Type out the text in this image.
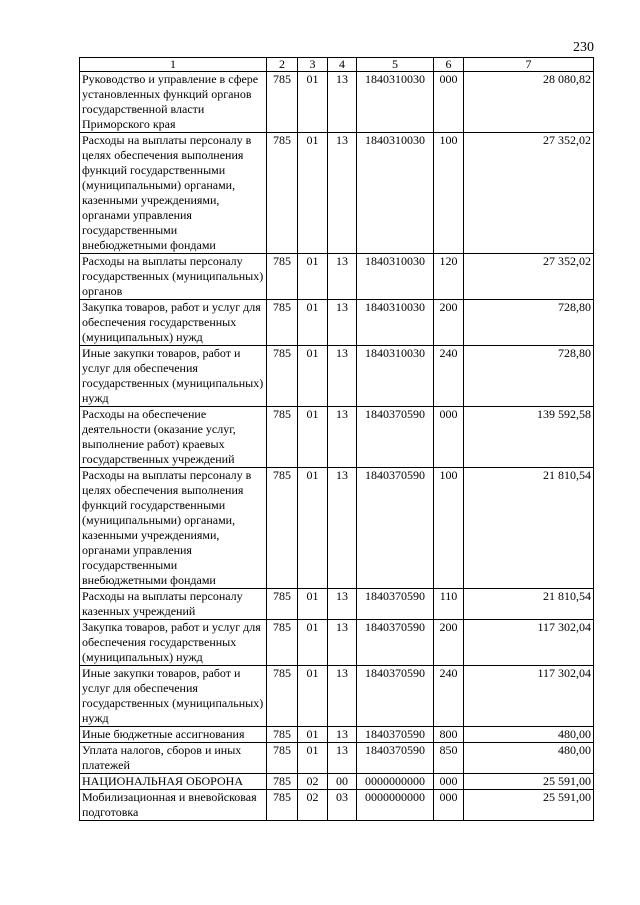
230
1	2	3	4	5	6	7
Руководство и управление в сфере установленных функций органов государственной власти Приморского края	785	01	13	1840310030	000	28 080,82
Расходы на выплаты персоналу в целях обеспечения выполнения функций государственными (муниципальными) органами, казенными учреждениями, органами управления государственными внебюджетными фондами	785	01	13	1840310030	100	27 352,02
Расходы на выплаты персоналу государственных (муниципальных) органов	785	01	13	1840310030	120	27 352,02
Закупка товаров, работ и услуг для обеспечения государственных (муниципальных) нужд	785	01	13	1840310030	200	728,80
Иные закупки товаров, работ и услуг для обеспечения государственных (муниципальных) нужд	785	01	13	1840310030	240	728,80
Расходы на обеспечение деятельности (оказание услуг, выполнение работ) краевых государственных учреждений	785	01	13	1840370590	000	139 592,58
Расходы на выплаты персоналу в целях обеспечения выполнения функций государственными (муниципальными) органами, казенными учреждениями, органами управления государственными внебюджетными фондами	785	01	13	1840370590	100	21 810,54
Расходы на выплаты персоналу казенных учреждений	785	01	13	1840370590	110	21 810,54
Закупка товаров, работ и услуг для обеспечения государственных (муниципальных) нужд	785	01	13	1840370590	200	117 302,04
Иные закупки товаров, работ и услуг для обеспечения государственных (муниципальных) нужд	785	01	13	1840370590	240	117 302,04
Иные бюджетные ассигнования	785	01	13	1840370590	800	480,00
Уплата налогов, сборов и иных платежей	785	01	13	1840370590	850	480,00
НАЦИОНАЛЬНАЯ ОБОРОНА	785	02	00	0000000000	000	25 591,00
Мобилизационная и вневойсковая подготовка	785	02	03	0000000000	000	25 591,00
